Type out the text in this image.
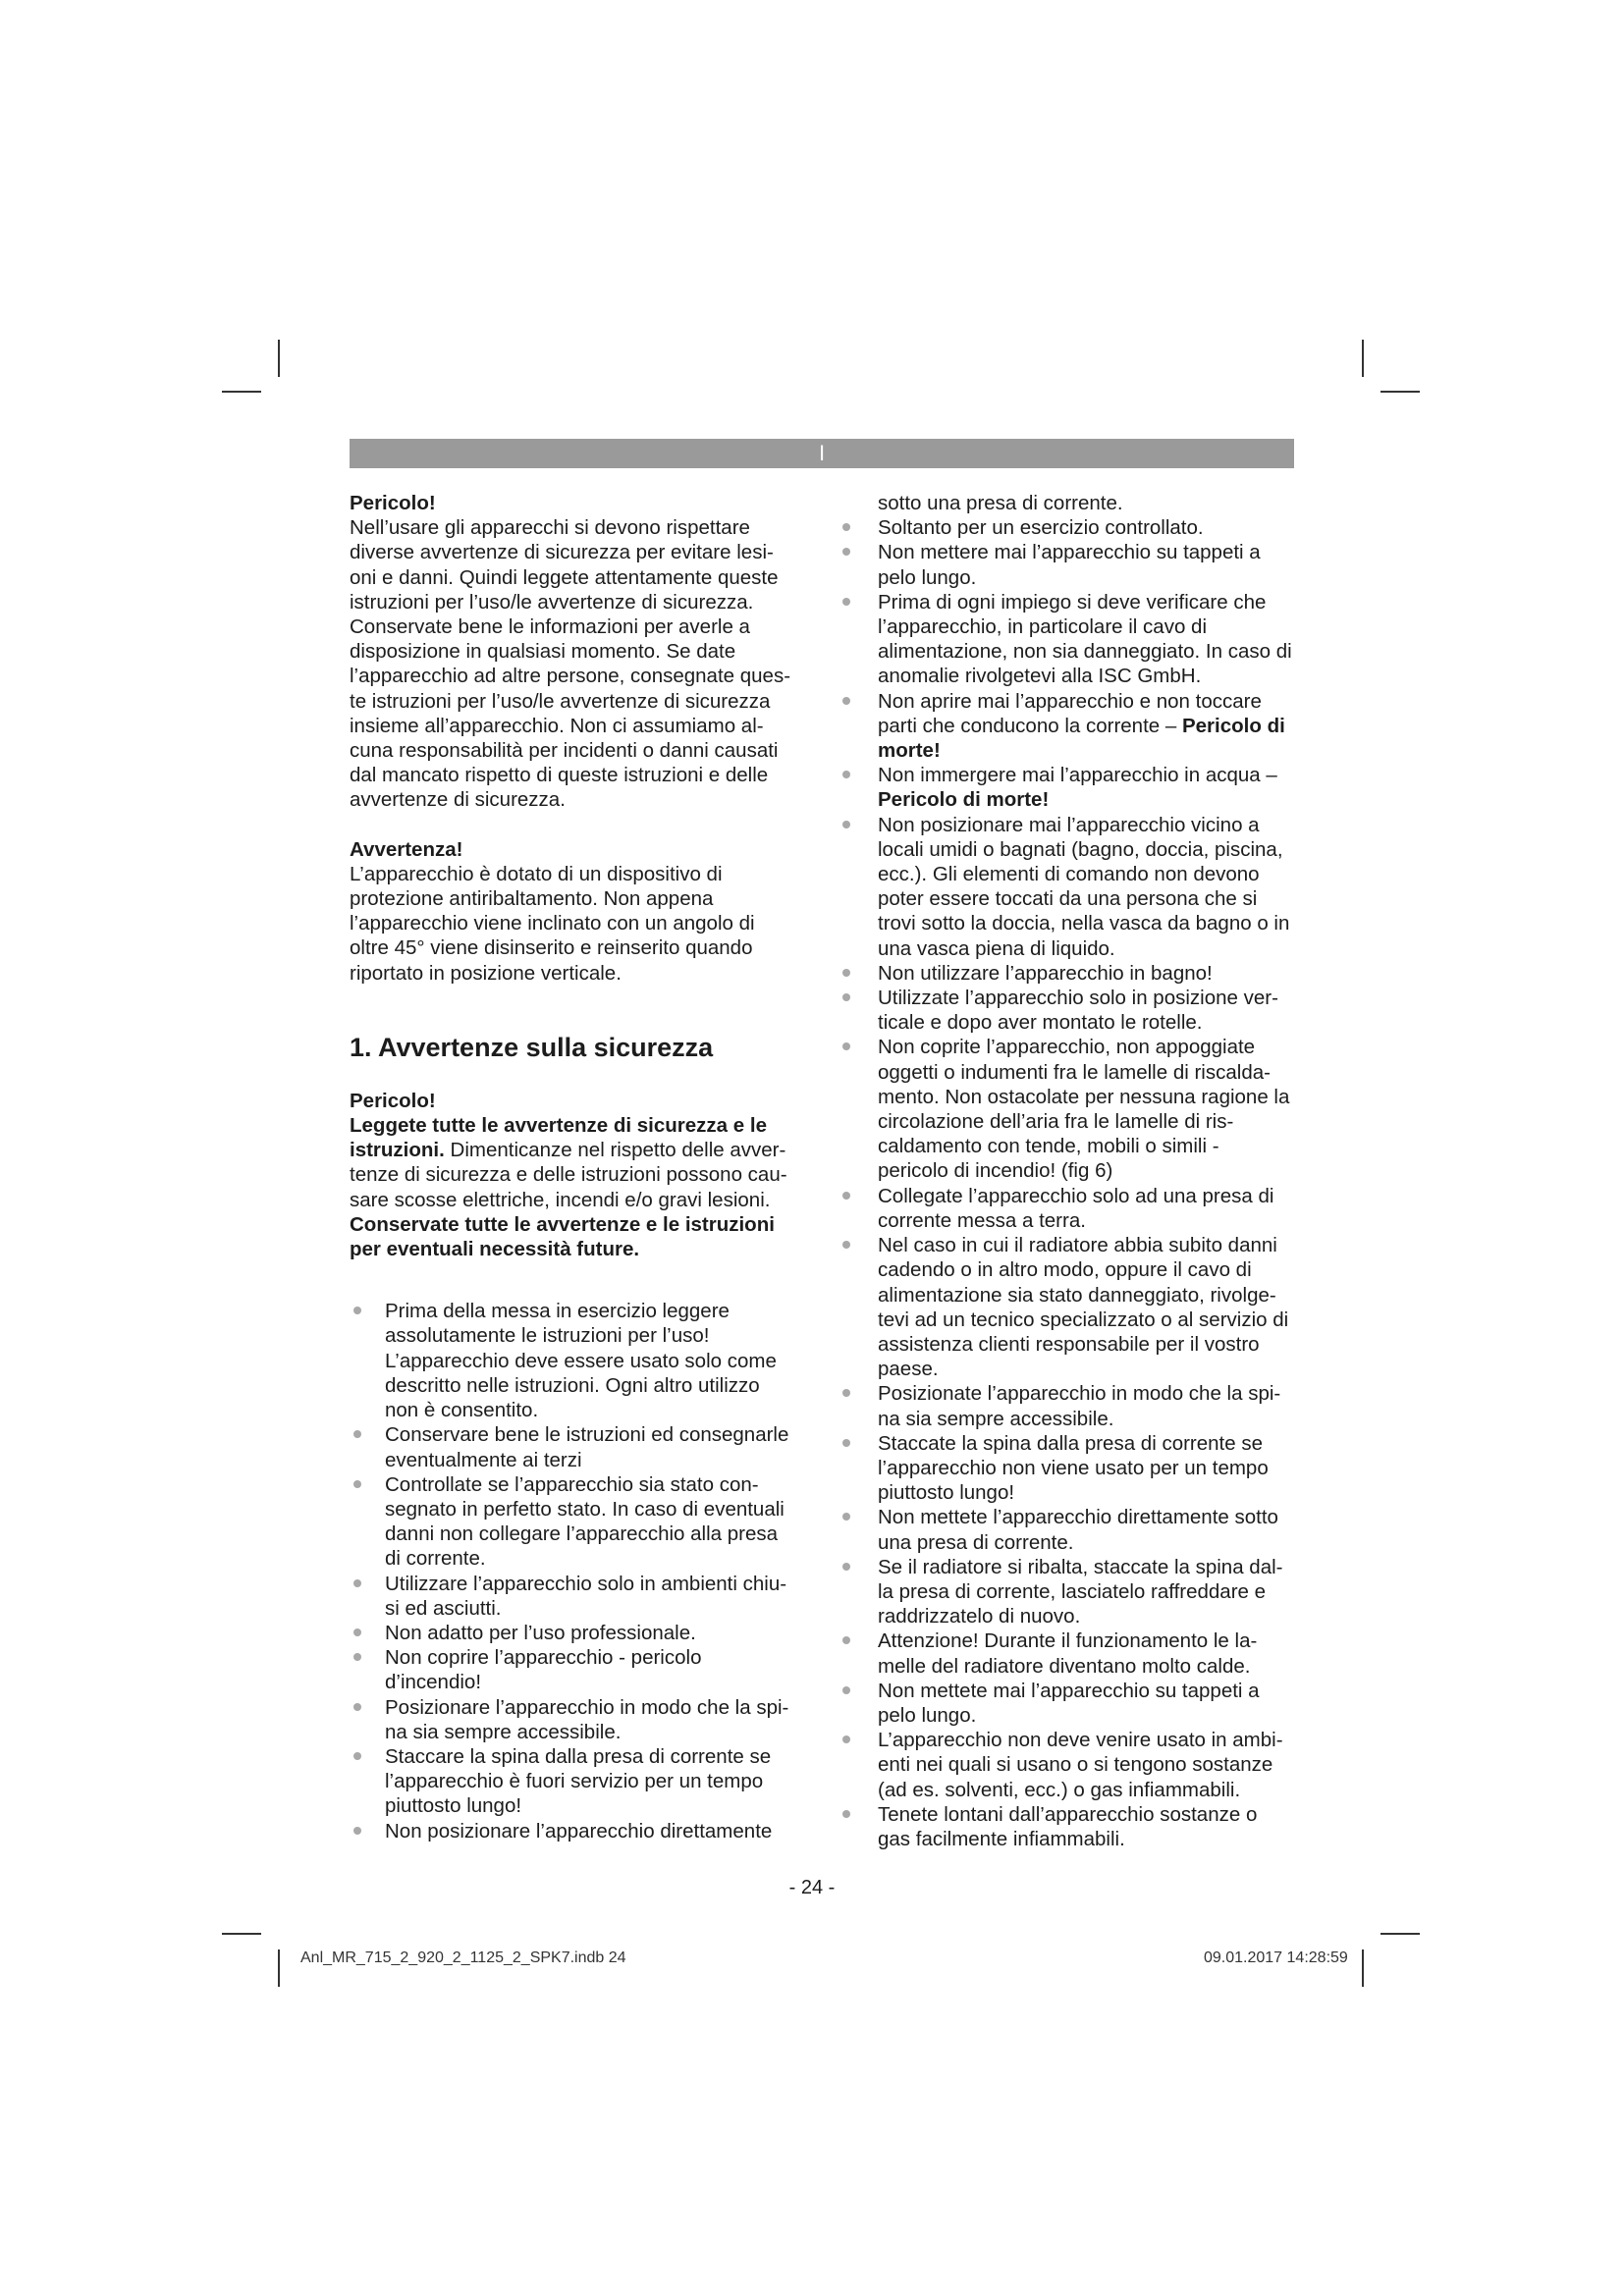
I

Pericolo!

Nell’usare gli apparecchi si devono rispettare diverse avvertenze di sicurezza per evitare lesi-oni e danni. Quindi leggete attentamente queste istruzioni per l’uso/le avvertenze di sicurezza. Conservate bene le informazioni per averle a disposizione in qualsiasi momento. Se date l’apparecchio ad altre persone, consegnate ques-te istruzioni per l’uso/le avvertenze di sicurezza insieme all’apparecchio. Non ci assumiamo al-cuna responsabilità per incidenti o danni causati dal mancato rispetto di queste istruzioni e delle avvertenze di sicurezza.

Avvertenza!

L’apparecchio è dotato di un dispositivo di protezione antiribaltamento. Non appena l’apparecchio viene inclinato con un angolo di oltre 45° viene disinserito e reinserito quando riportato in posizione verticale.

1. Avvertenze sulla sicurezza

Pericolo!

Leggete tutte le avvertenze di sicurezza e le istruzioni. Dimenticanze nel rispetto delle avver-tenze di sicurezza e delle istruzioni possono cau-sare scosse elettriche, incendi e/o gravi lesioni.

Conservate tutte le avvertenze e le istruzioni per eventuali necessità future.

Prima della messa in esercizio leggere assolutamente le istruzioni per l’uso! L’apparecchio deve essere usato solo come descritto nelle istruzioni. Ogni altro utilizzo non è consentito.
Conservare bene le istruzioni ed consegnarle eventualmente ai terzi
Controllate se l’apparecchio sia stato con-segnato in perfetto stato. In caso di eventuali danni non collegare l’apparecchio alla presa di corrente.
Utilizzare l’apparecchio solo in ambienti chiu-si ed asciutti.
Non adatto per l’uso professionale.
Non coprire l’apparecchio - pericolo d’incendio!
Posizionare l’apparecchio in modo che la spi-na sia sempre accessibile.
Staccare la spina dalla presa di corrente se l’apparecchio è fuori servizio per un tempo piuttosto lungo!
Non posizionare l’apparecchio direttamente
sotto una presa di corrente.
Soltanto per un esercizio controllato.
Non mettere mai l’apparecchio su tappeti a pelo lungo.
Prima di ogni impiego si deve verificare che l’apparecchio, in particolare il cavo di alimentazione, non sia danneggiato. In caso di anomalie rivolgetevi alla ISC GmbH.
Non aprire mai l’apparecchio e non toccare parti che conducono la corrente – Pericolo di morte!
Non immergere mai l’apparecchio in acqua – Pericolo di morte!
Non posizionare mai l’apparecchio vicino a locali umidi o bagnati (bagno, doccia, piscina, ecc.). Gli elementi di comando non devono poter essere toccati da una persona che si trovi sotto la doccia, nella vasca da bagno o in una vasca piena di liquido.
Non utilizzare l’apparecchio in bagno!
Utilizzate l’apparecchio solo in posizione ver-ticale e dopo aver montato le rotelle.
Non coprite l’apparecchio, non appoggiate oggetti o indumenti fra le lamelle di riscalda-mento. Non ostacolate per nessuna ragione la circolazione dell’aria fra le lamelle di ris-caldamento con tende, mobili o simili - pericolo di incendio! (fig 6)
Collegate l’apparecchio solo ad una presa di corrente messa a terra.
Nel caso in cui il radiatore abbia subito danni cadendo o in altro modo, oppure il cavo di alimentazione sia stato danneggiato, rivolge-tevi ad un tecnico specializzato o al servizio di assistenza clienti responsabile per il vostro paese.
Posizionate l’apparecchio in modo che la spi-na sia sempre accessibile.
Staccate la spina dalla presa di corrente se l’apparecchio non viene usato per un tempo piuttosto lungo!
Non mettete l’apparecchio direttamente sotto una presa di corrente.
Se il radiatore si ribalta, staccate la spina dal-la presa di corrente, lasciatelo raffreddare e raddrizzatelo di nuovo.
Attenzione! Durante il funzionamento le la-melle del radiatore diventano molto calde.
Non mettete mai l’apparecchio su tappeti a pelo lungo.
L’apparecchio non deve venire usato in ambi-enti nei quali si usano o si tengono sostanze (ad es. solventi, ecc.) o gas infiammabili.
Tenete lontani dall’apparecchio sostanze o gas facilmente infiammabili.
- 24 -
Anl_MR_715_2_920_2_1125_2_SPK7.indb 24	09.01.2017 14:28:59
